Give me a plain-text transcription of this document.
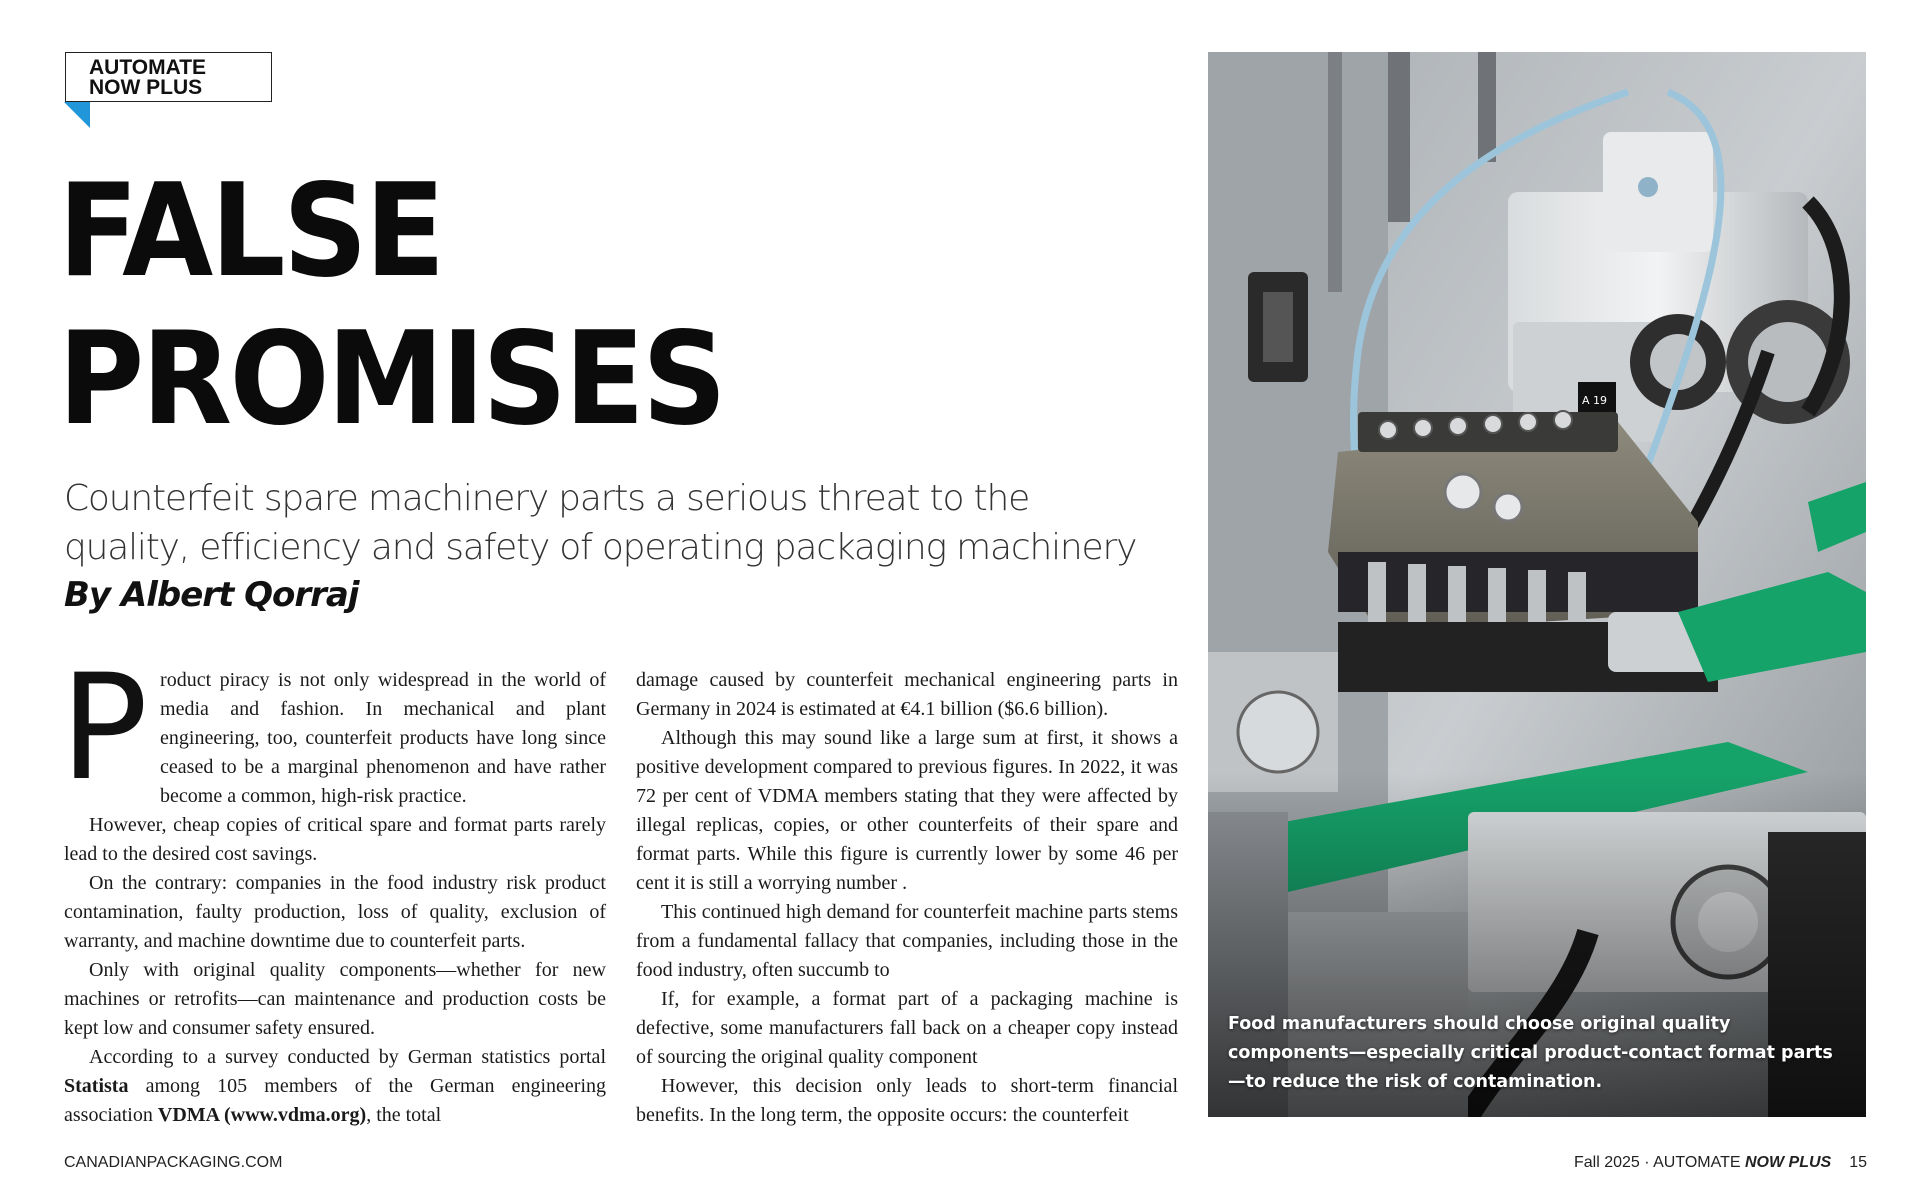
AUTOMATE
NOW PLUS
FALSE
PROMISES

Counterfeit spare machinery parts a serious threat to the quality, efficiency and safety of operating packaging machinery

By Albert Qorraj

Product piracy is not only widespread in the world of media and fashion. In mechanical and plant engineering, too, counterfeit products have long since ceased to be a marginal phenomenon and have rather become a common, high-risk practice.

However, cheap copies of critical spare and format parts rarely lead to the desired cost savings.

On the contrary: companies in the food industry risk product contamination, faulty production, loss of quality, exclusion of warranty, and machine downtime due to counterfeit parts.

Only with original quality components—whether for new machines or retrofits—can maintenance and production costs be kept low and consumer safety ensured.

According to a survey conducted by German statistics portal Statista among 105 members of the German engineering association VDMA (www.vdma.org), the total

damage caused by counterfeit mechanical engineering parts in Germany in 2024 is estimated at €4.1 billion ($6.6 billion).

Although this may sound like a large sum at first, it shows a positive development compared to previous figures. In 2022, it was 72 per cent of VDMA members stating that they were affected by illegal replicas, copies, or other counterfeits of their spare and format parts. While this figure is currently lower by some 46 per cent it is still a worrying number .

This continued high demand for counterfeit machine parts stems from a fundamental fallacy that companies, including those in the food industry, often succumb to

If, for example, a format part of a packaging machine is defective, some manufacturers fall back on a cheaper copy instead of sourcing the original quality component

However, this decision only leads to short-term financial benefits. In the long term, the opposite occurs: the counterfeit

A 19

Food manufacturers should choose original quality components—especially critical product-contact format parts—to reduce the risk of contamination.

CANADIANPACKAGING.COM	Fall 2025 · AUTOMATE NOW PLUS 15
